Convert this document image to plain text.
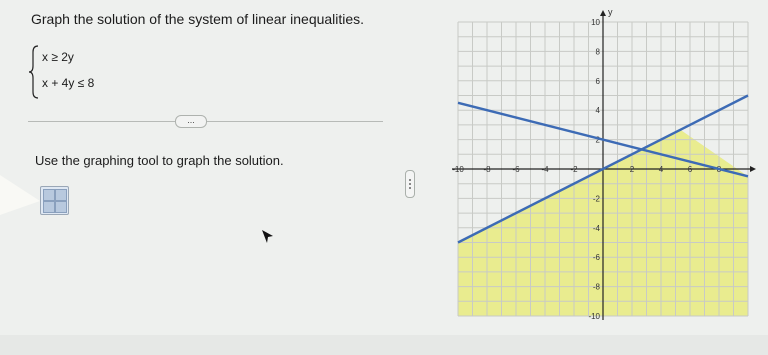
Graph the solution of the system of linear inequalities.
x ≥ 2y
x + 4y ≤ 8
...
Use the graphing tool to graph the solution.
y
-10 -8	-6	-4	-2	2	4	6
10
8
6
4
2
-2
-4
-6
-8
-10
